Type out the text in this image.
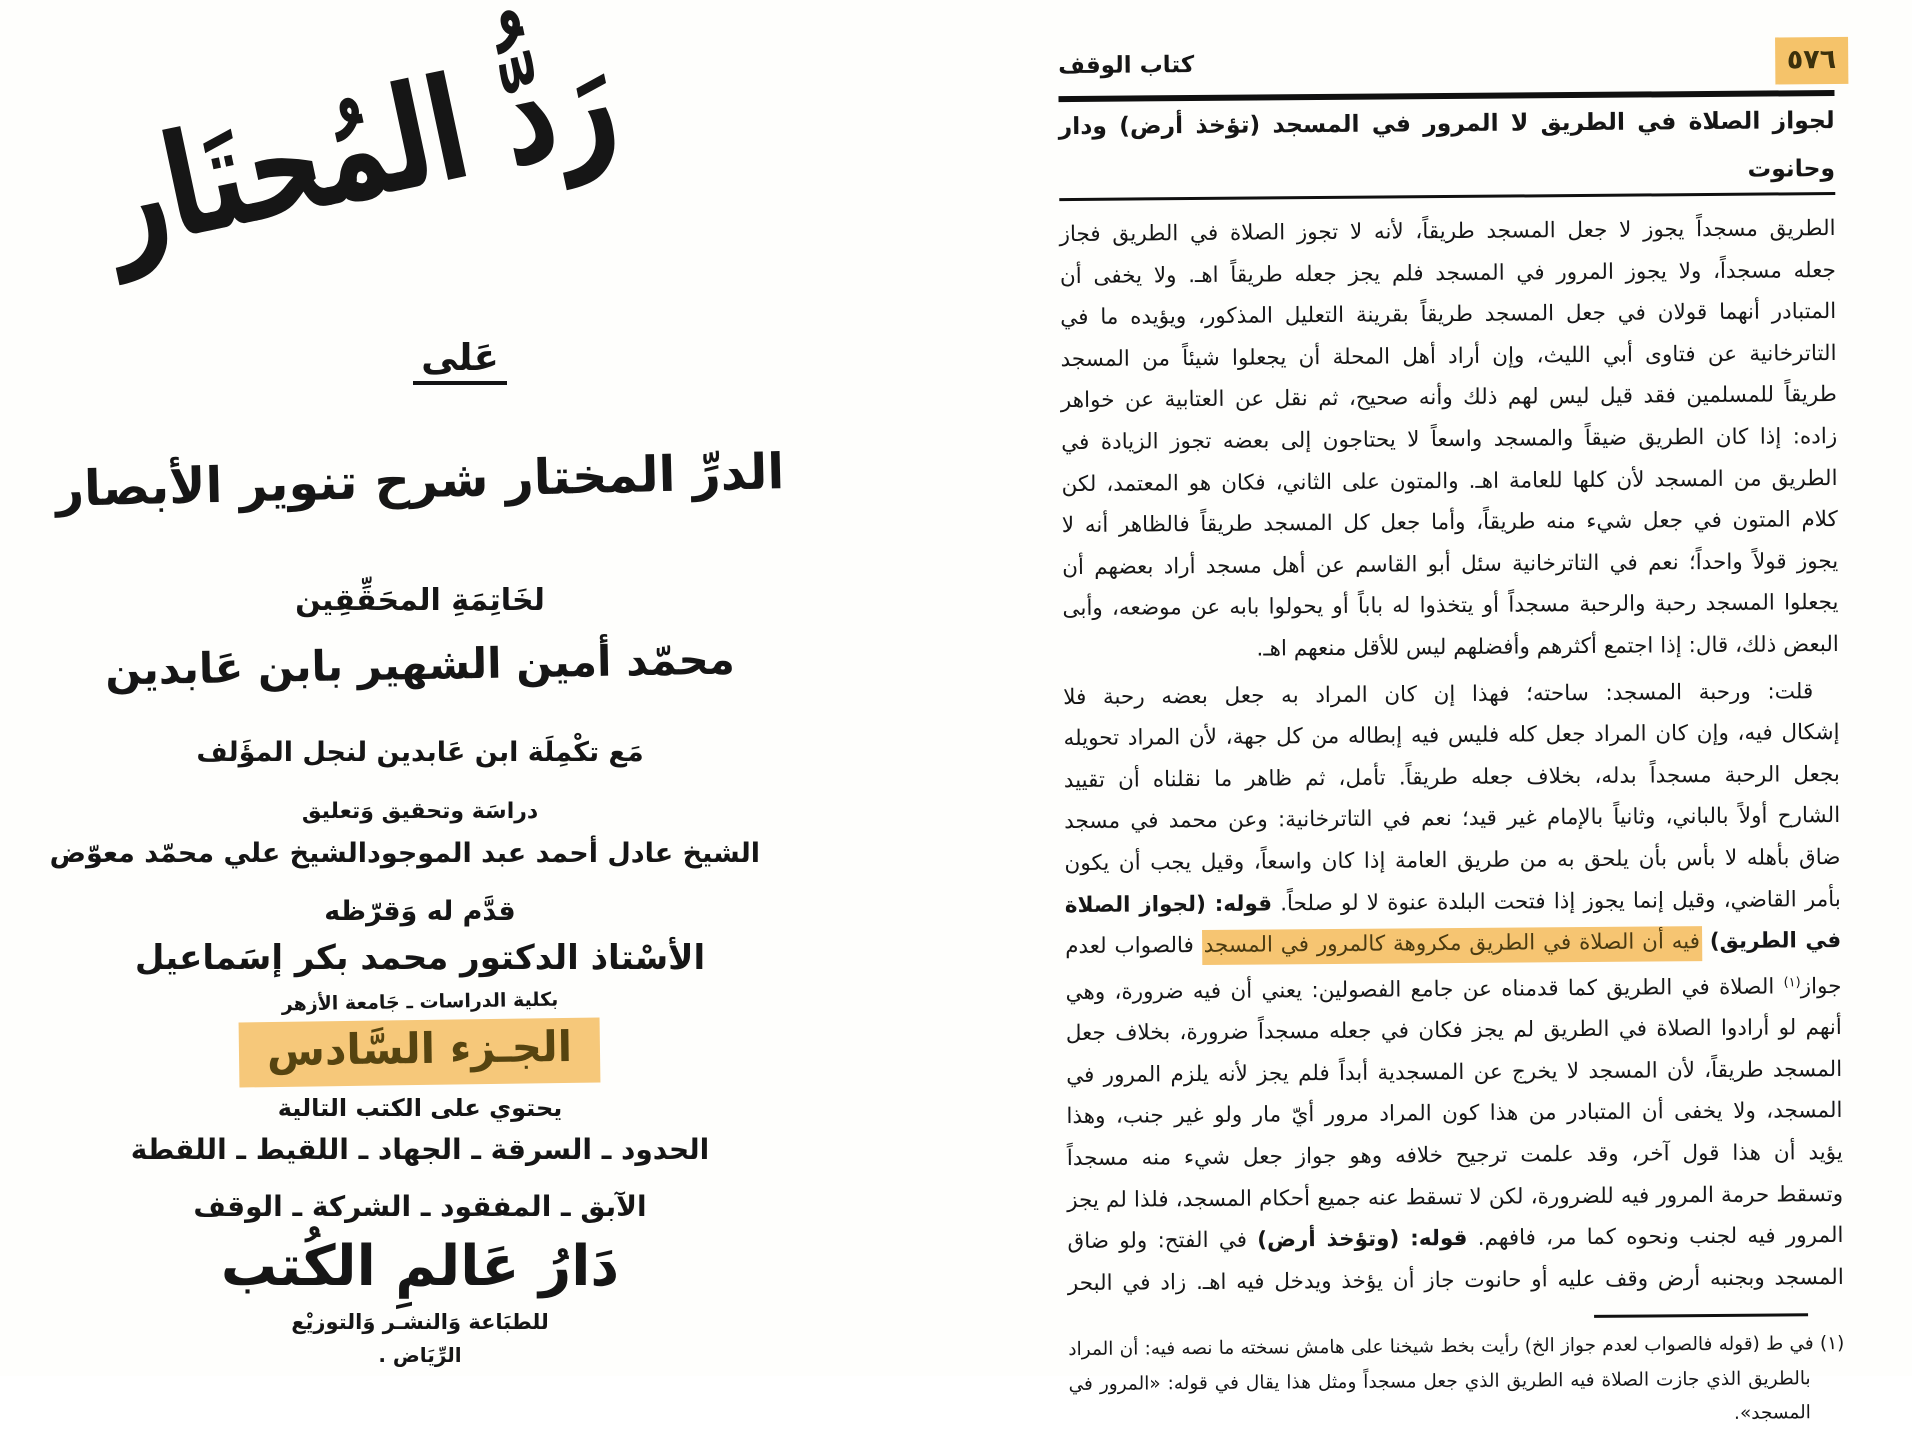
رَدُّ المُحتَار
عَلى
الدرِّ المختار شرح تنوير الأبصار
لخَاتِمَةِ المحَقِّقِين
محمّد أمين الشهير بابن عَابدين
مَع تكْمِلَة ابن عَابدين لنجل المؤَلف
دراسَة وتحقيق وَتعليق
الشيخ عادل أحمد عبد الموجود
الشيخ علي محمّد معوّض
قدَّم له وَقرّظه
الأسْتاذ الدكتور محمد بكر إسَماعيل
بكلية الدراسات ـ جَامعة الأزهر
الجـزء السَّادس
يحتوي على الكتب التالية
الحدود ـ السرقة ـ الجهاد ـ اللقيط ـ اللقطة
الآبق ـ المفقود ـ الشركة ـ الوقف
دَارُ عَالمِ الكُتب
للطبَاعة وَالنشـر وَالتوزيْع
الرِّيَاض .
كتاب الوقف	٥٧٦
لجواز الصلاة في الطريق لا المرور في المسجد (تؤخذ أرض) ودار وحانوت
الطريق مسجداً يجوز لا جعل المسجد طريقاً، لأنه لا تجوز الصلاة في الطريق فجاز
جعله مسجداً، ولا يجوز المرور في المسجد فلم يجز جعله طريقاً اهـ. ولا يخفى أن
المتبادر أنهما قولان في جعل المسجد طريقاً بقرينة التعليل المذكور، ويؤيده ما في
التاترخانية عن فتاوى أبي الليث، وإن أراد أهل المحلة أن يجعلوا شيئاً من المسجد
طريقاً للمسلمين فقد قيل ليس لهم ذلك وأنه صحيح، ثم نقل عن العتابية عن خواهر
زاده: إذا كان الطريق ضيقاً والمسجد واسعاً لا يحتاجون إلى بعضه تجوز الزيادة في
الطريق من المسجد لأن كلها للعامة اهـ. والمتون على الثاني، فكان هو المعتمد، لكن
كلام المتون في جعل شيء منه طريقاً، وأما جعل كل المسجد طريقاً فالظاهر أنه لا
يجوز قولاً واحداً؛ نعم في التاترخانية سئل أبو القاسم عن أهل مسجد أراد بعضهم أن
يجعلوا المسجد رحبة والرحبة مسجداً أو يتخذوا له باباً أو يحولوا بابه عن موضعه، وأبى
البعض ذلك، قال: إذا اجتمع أكثرهم وأفضلهم ليس للأقل منعهم اهـ.
قلت: ورحبة المسجد: ساحته؛ فهذا إن كان المراد به جعل بعضه رحبة فلا
إشكال فيه، وإن كان المراد جعل كله فليس فيه إبطاله من كل جهة، لأن المراد تحويله
بجعل الرحبة مسجداً بدله، بخلاف جعله طريقاً. تأمل، ثم ظاهر ما نقلناه أن تقييد
الشارح أولاً بالباني، وثانياً بالإمام غير قيد؛ نعم في التاترخانية: وعن محمد في مسجد
ضاق بأهله لا بأس بأن يلحق به من طريق العامة إذا كان واسعاً، وقيل يجب أن يكون
بأمر القاضي، وقيل إنما يجوز إذا فتحت البلدة عنوة لا لو صلحاً. قوله: (لجواز الصلاة
في الطريق) فيه أن الصلاة في الطريق مكروهة كالمرور في المسجد فالصواب لعدم
جواز$^{(١)}$ الصلاة في الطريق كما قدمناه عن جامع الفصولين: يعني أن فيه ضرورة، وهي
أنهم لو أرادوا الصلاة في الطريق لم يجز فكان في جعله مسجداً ضرورة، بخلاف جعل
المسجد طريقاً، لأن المسجد لا يخرج عن المسجدية أبداً فلم يجز لأنه يلزم المرور في
المسجد، ولا يخفى أن المتبادر من هذا كون المراد مرور أيّ مار ولو غير جنب، وهذا
يؤيد أن هذا قول آخر، وقد علمت ترجيح خلافه وهو جواز جعل شيء منه مسجداً
وتسقط حرمة المرور فيه للضرورة، لكن لا تسقط عنه جميع أحكام المسجد، فلذا لم يجز
المرور فيه لجنب ونحوه كما مر، فافهم. قوله: (وتؤخذ أرض) في الفتح: ولو ضاق
المسجد وبجنبه أرض وقف عليه أو حانوت جاز أن يؤخذ ويدخل فيه اهـ. زاد في البحر
(١) في ط (قوله فالصواب لعدم جواز الخ) رأيت بخط شيخنا على هامش نسخته ما نصه فيه: أن المراد
بالطريق الذي جازت الصلاة فيه الطريق الذي جعل مسجداً ومثل هذا يقال في قوله: «المرور في
المسجد».
